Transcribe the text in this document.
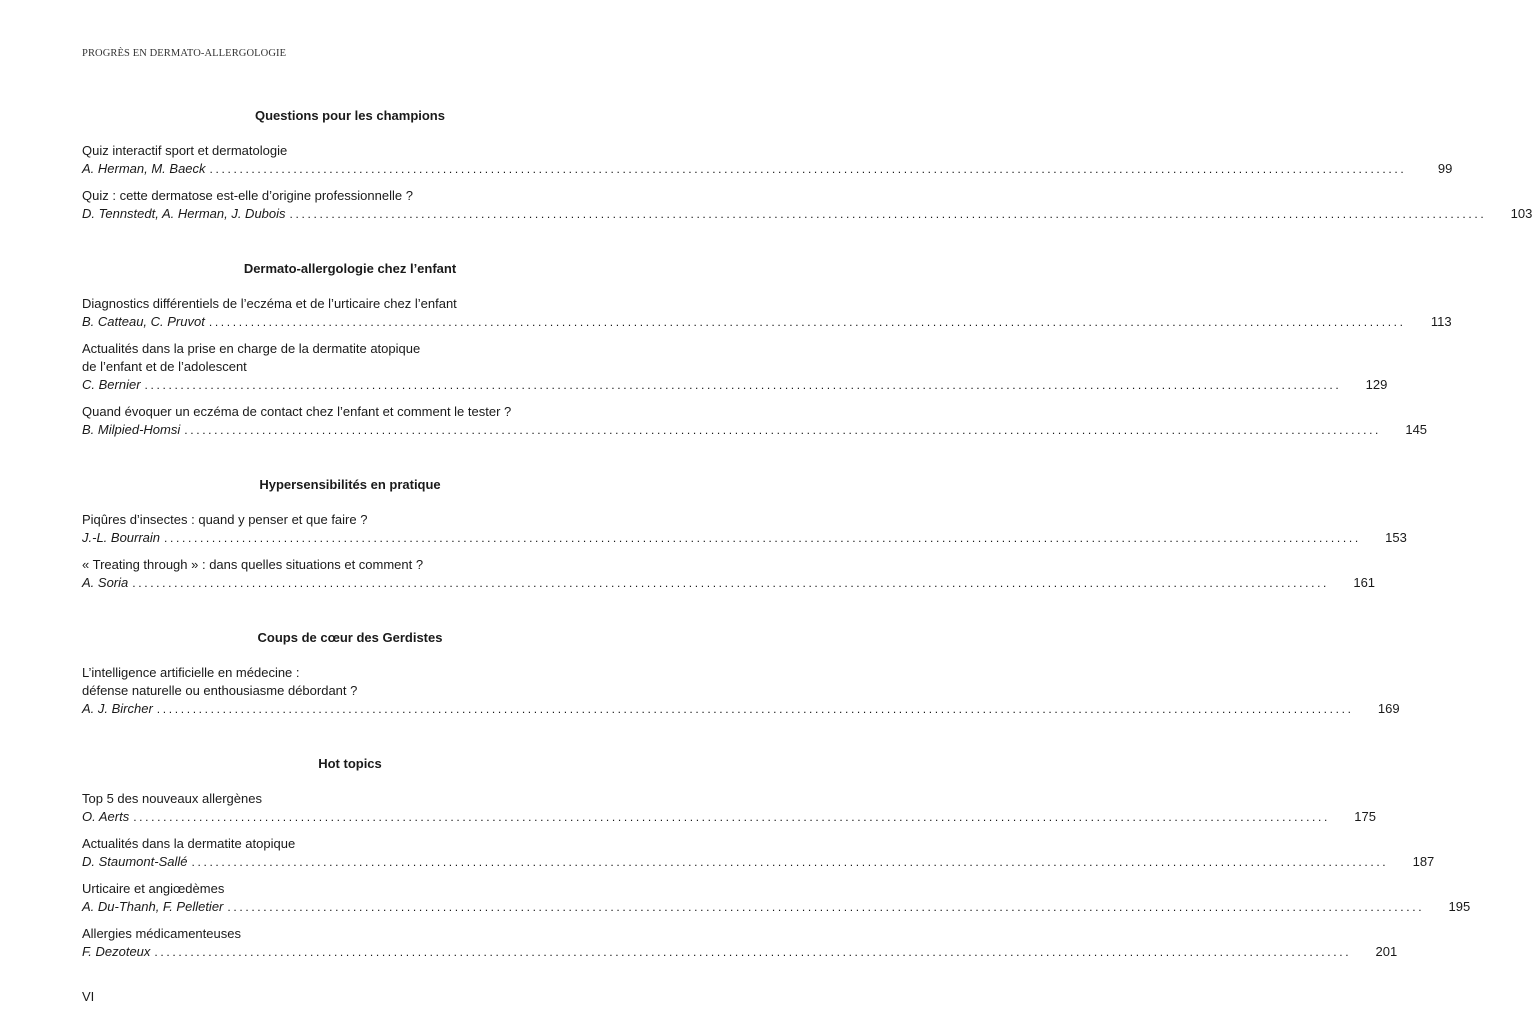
PROGRÈS EN DERMATO-ALLERGOLOGIE
Questions pour les champions
Quiz interactif sport et dermatologie
A. Herman, M. Baeck ........................................................................................................................................................................................................	99
Quiz : cette dermatose est-elle d’origine professionnelle ?
D. Tennstedt, A. Herman, J. Dubois ........................................................................................................................................................................................................	103
Dermato-allergologie chez l’enfant
Diagnostics différentiels de l’eczéma et de l’urticaire chez l’enfant
B. Catteau, C. Pruvot ........................................................................................................................................................................................................	113
Actualités dans la prise en charge de la dermatite atopique
de l’enfant et de l’adolescent
C. Bernier ........................................................................................................................................................................................................	129
Quand évoquer un eczéma de contact chez l’enfant et comment le tester ?
B. Milpied-Homsi ........................................................................................................................................................................................................	145
Hypersensibilités en pratique
Piqûres d’insectes : quand y penser et que faire ?
J.-L. Bourrain ........................................................................................................................................................................................................	153
« Treating through » : dans quelles situations et comment ?
A. Soria ........................................................................................................................................................................................................	161
Coups de cœur des Gerdistes
L’intelligence artificielle en médecine :
défense naturelle ou enthousiasme débordant ?
A. J. Bircher ........................................................................................................................................................................................................	169
Hot topics
Top 5 des nouveaux allergènes
O. Aerts ........................................................................................................................................................................................................	175
Actualités dans la dermatite atopique
D. Staumont-Sallé ........................................................................................................................................................................................................	187
Urticaire et angiœdèmes
A. Du-Thanh, F. Pelletier ........................................................................................................................................................................................................	195
Allergies médicamenteuses
F. Dezoteux ........................................................................................................................................................................................................	201
VI
